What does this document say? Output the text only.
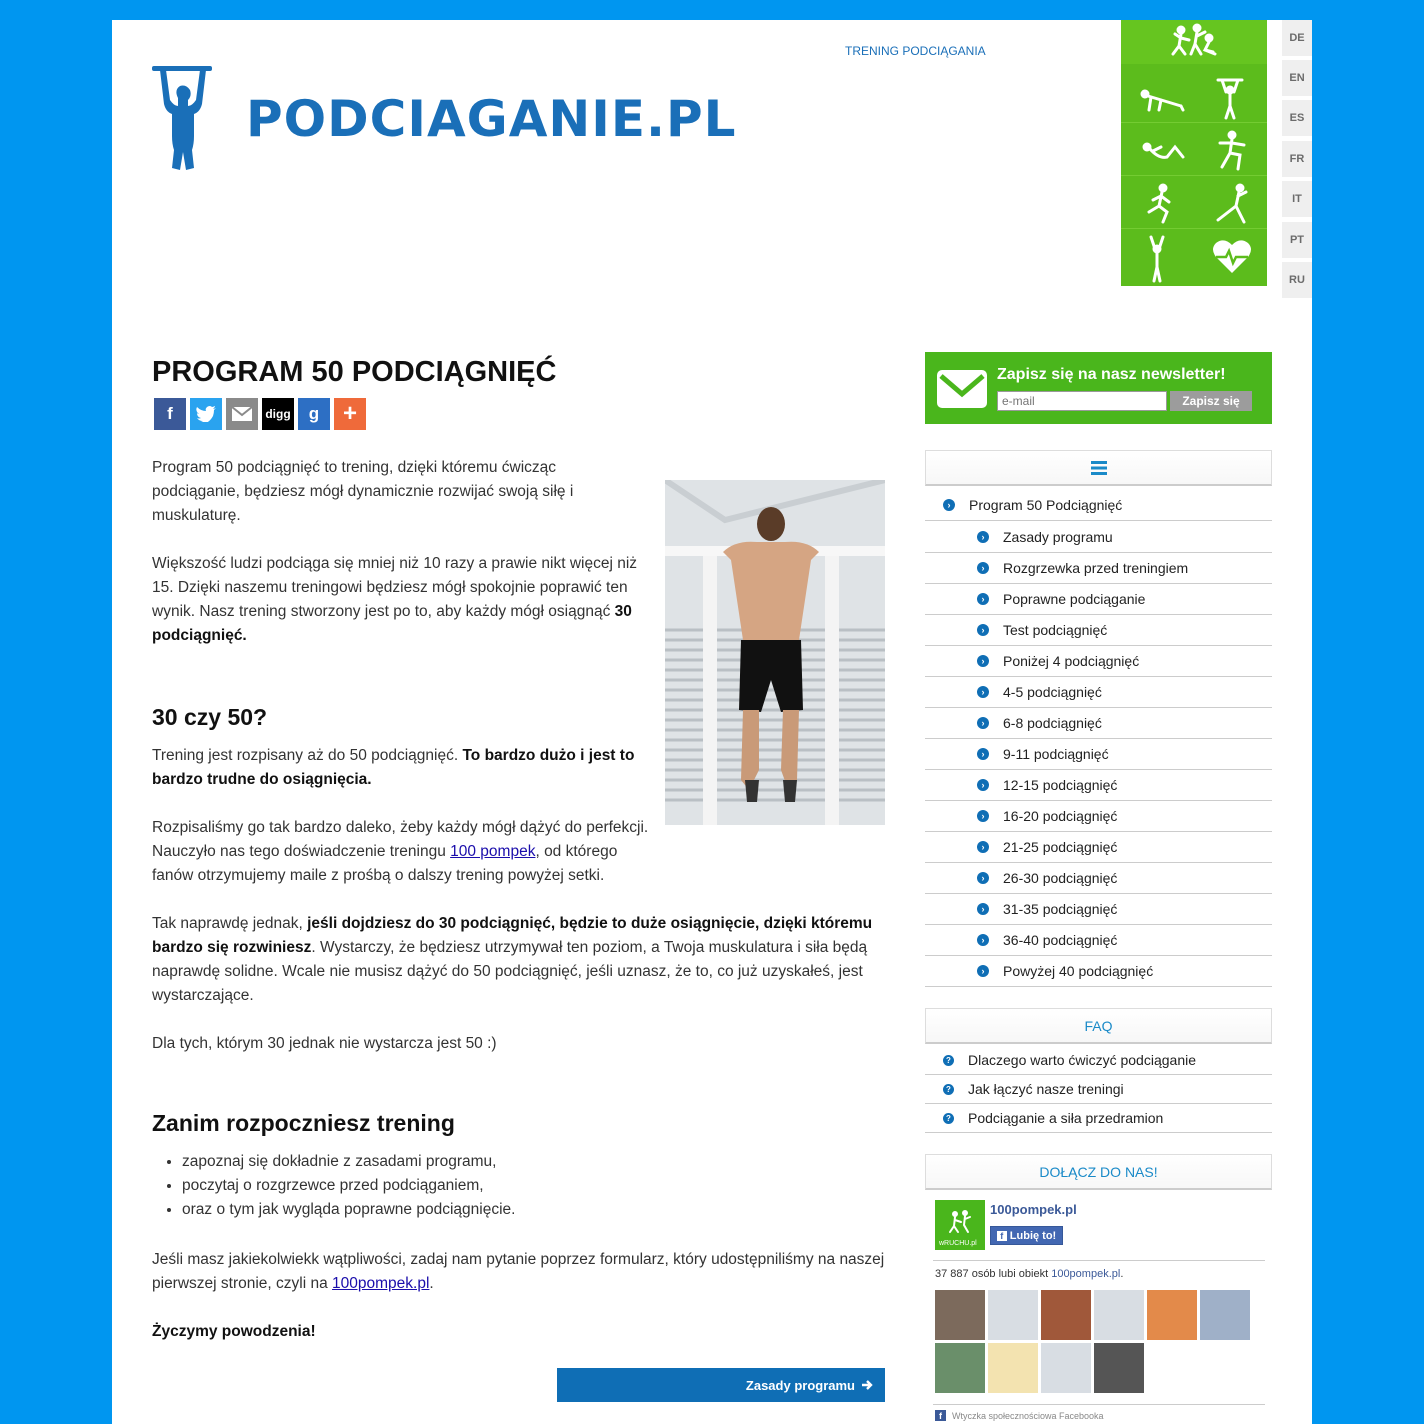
PODCIAGANIE.PL
TRENING PODCIĄGANIA
DE
EN
ES
FR
IT
PT
RU
PROGRAM 50 PODCIĄGNIĘĆ
f	digg	g +

Program 50 podciągnięć to trening, dzięki któremu ćwicząc podciąganie, będziesz mógł dynamicznie rozwijać swoją siłę i muskulaturę.

Większość ludzi podciąga się mniej niż 10 razy a prawie nikt więcej niż 15. Dzięki naszemu treningowi będziesz mógł spokojnie poprawić ten wynik. Nasz trening stworzony jest po to, aby każdy mógł osiągnąć 30 podciągnięć.

30 czy 50?

Trening jest rozpisany aż do 50 podciągnięć. To bardzo dużo i jest to bardzo trudne do osiągnięcia.

Rozpisaliśmy go tak bardzo daleko, żeby każdy mógł dążyć do perfekcji. Nauczyło nas tego doświadczenie treningu 100 pompek, od którego fanów otrzymujemy maile z prośbą o dalszy trening powyżej setki.

Tak naprawdę jednak, jeśli dojdziesz do 30 podciągnięć, będzie to duże osiągnięcie, dzięki któremu bardzo się rozwiniesz. Wystarczy, że będziesz utrzymywał ten poziom, a Twoja muskulatura i siła będą naprawdę solidne. Wcale nie musisz dążyć do 50 podciągnięć, jeśli uznasz, że to, co już uzyskałeś, jest wystarczające.

Dla tych, którym 30 jednak nie wystarcza jest 50 :)

Zanim rozpoczniesz trening
• zapoznaj się dokładnie z zasadami programu,
• poczytaj o rozgrzewce przed podciąganiem,
• oraz o tym jak wygląda poprawne podciągnięcie.

Jeśli masz jakiekolwiekk wątpliwości, zadaj nam pytanie poprzez formularz, który udostępniliśmy na naszej pierwszej stronie, czyli na 100pompek.pl.

Życzymy powodzenia!

Zasady programu
Zapisz się na nasz newsletter!
e-mail
Zapisz się
›	Program 50 Podciągnięć
›	Zasady programu
›	Rozgrzewka przed treningiem
›	Poprawne podciąganie
›	Test podciągnięć
›	Poniżej 4 podciągnięć
›	4-5 podciągnięć
›	6-8 podciągnięć
›	9-11 podciągnięć
›	12-15 podciągnięć
›	16-20 podciągnięć
›	21-25 podciągnięć
›	26-30 podciągnięć
›	31-35 podciągnięć
›	36-40 podciągnięć
›	Powyżej 40 podciągnięć
FAQ
? Dlaczego warto ćwiczyć podciąganie
? Jak łączyć nasze treningi
? Podciąganie a siła przedramion
DOŁĄCZ DO NAS!
wRUCHU.pl
100pompek.pl
f Lubię to!
37 887 osób lubi obiekt 100pompek.pl.
f	Wtyczka społecznościowa Facebooka
